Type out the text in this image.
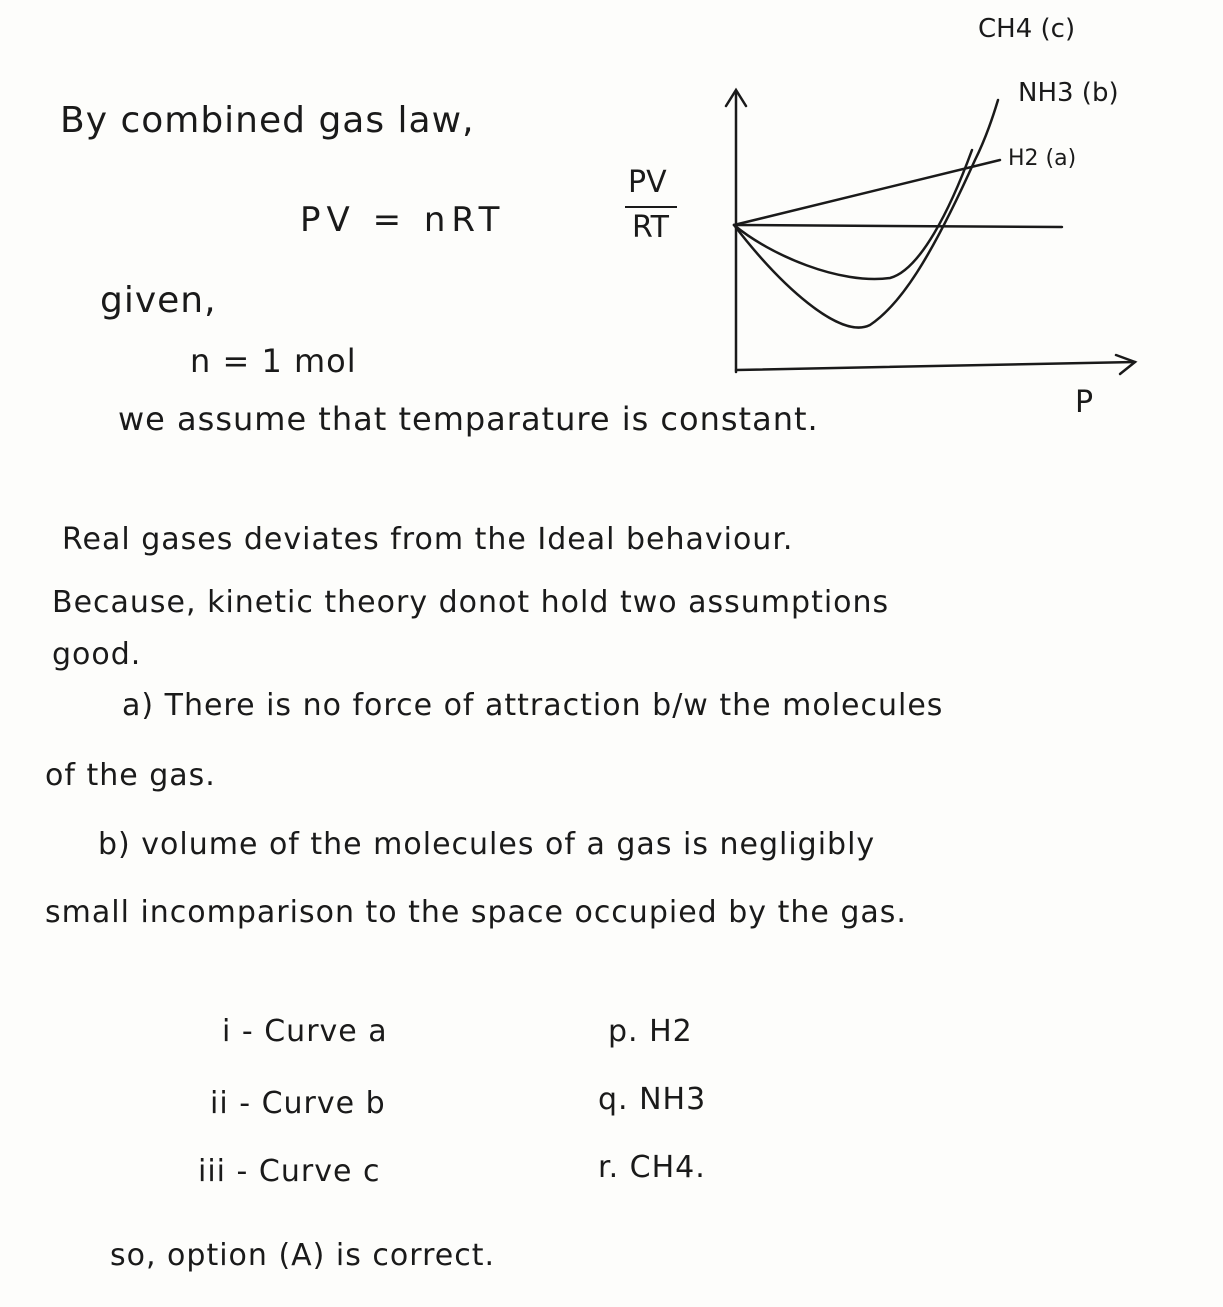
By combined gas law,
PV = nRT
given,
n = 1 mol
we assume that temparature is constant.
PV
RT
P
CH4 (c)
NH3 (b)
H2 (a)
Real gases deviates from the Ideal behaviour.
Because, kinetic theory donot hold two assumptions
good.
a) There is no force of attraction b/w the molecules
of the gas.
b) volume of the molecules of a gas is negligibly
small incomparison to the space occupied by the gas.
i - Curve a	p. H2
ii - Curve b	q. NH3
iii - Curve c	r. CH4.
so, option (A) is correct.
